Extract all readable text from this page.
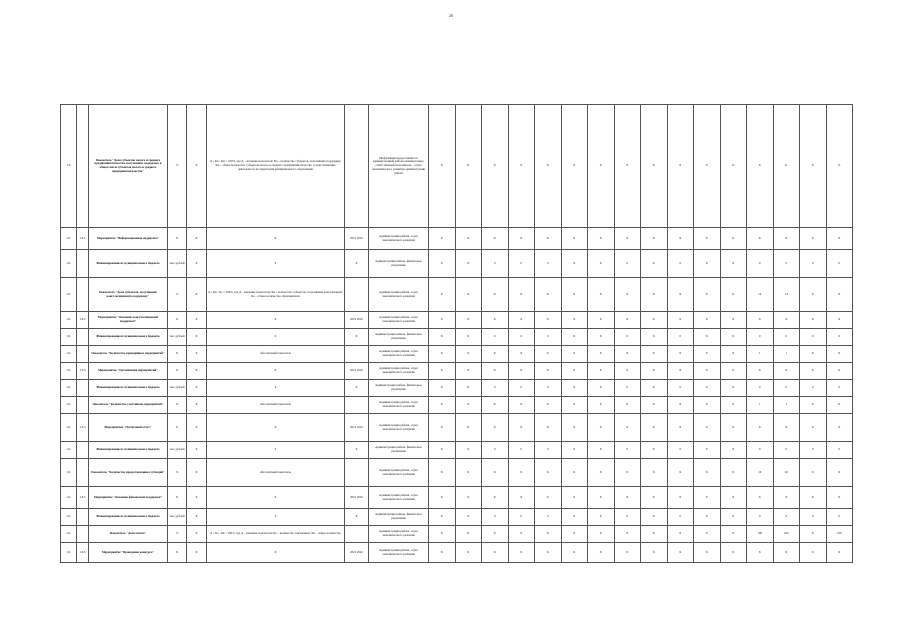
26
1.9		Показатель "Доля субъектов малого и среднего предпринимательства, получивших поддержку, в общем числе субъектов малого и среднего предпринимательства"	%	Х	Д = Кп / Км × 100%, где Д – значение показателя; Кп – количество субъектов, получивших поддержку; Км – общее количество субъектов малого и среднего предпринимательства, осуществляющих деятельность на территории муниципального образования		Информация предоставляется администрацией района ежеквартально, ответственный исполнитель – отдел экономического развития администрации района	Х	Х	Х	Х	Х	Х	Х	Х	Х	Х	Х	11	Х	11	Х	11
1.9.	1.9.1	Мероприятие "Информационная поддержка"	Х	Х	Х	2021 2022	Администрация района, отдел экономического развития	Х	Х	Х	Х	Х	Х	Х	Х	Х	Х	Х	Х	Х	Х	Х	Х
1.9.		Финансирование из муниципального бюджета	тыс. рублей	Х	0	Х	Администрация района, финансовое управление	Х	Х	0	0	0	Х	Х	0	Х	0	Х	Х	0	0	0	0
1.9.		Показатель "Доля субъектов, получивших консультационную поддержку"	%	Х	Д = Кк / Ко × 100%, где Д – значение показателя; Кк – количество субъектов, получивших консультацию; Ко – общее количество обратившихся		Администрация района, отдел экономического развития	Х	Х	Х	Х	Х	Х	Х	Х	Х	Х	Х	Х	14	14	Х	Х
1.9.	1.9.2	Мероприятие "Оказание консультационной поддержки"	Х	Х	Х	2021 2022	Администрация района, отдел экономического развития	Х	Х	Х	Х	Х	Х	Х	Х	Х	Х	Х	Х	Х	Х	Х	Х
1.9.		Финансирование из муниципального бюджета	тыс. рублей	Х	0	Х	Администрация района, финансовое управление	Х	Х	0	0	0	Х	Х	0	Х	0	Х	Х	0	0	0	0
1.9.		Показатель "Количество проведённых мероприятий"	Х	Х	Абсолютный показатель		Администрация района, отдел экономического развития	Х	Х	Х	Х	Х	Х	Х	Х	Х	Х	Х	Х	1	1	Х	Х
1.9.	1.9.3	Мероприятие "Организация мероприятий"	Х	Х	Х	2021 2022	Администрация района, отдел экономического развития	Х	Х	Х	Х	Х	Х	Х	Х	Х	Х	Х	Х	Х	Х	Х	Х
1.9.		Финансирование из муниципального бюджета	тыс. рублей	Х	0	Х	Администрация района, финансовое управление	Х	Х	0	0	0	Х	Х	0	Х	0	Х	Х	0	0	0	0
1.9.		Показатель "Количество участников мероприятий"	Х	Х	Абсолютный показатель		Администрация района, отдел экономического развития	Х	Х	Х	Х	Х	Х	Х	Х	Х	Х	Х	Х	1	1	Х	Х
1.9.	1.9.4	Мероприятие "Публичный отчет"	Х	Х	Х	2021 2022	Администрация района, отдел экономического развития	Х	Х	Х	Х	Х	Х	Х	Х	Х	Х	Х	Х	Х	Х	Х	Х
1.9.		Финансирование из муниципального бюджета	тыс. рублей	Х	0	Х	Администрация района, финансовое управление	Х	Х	0	0	0	Х	Х	0	Х	0	Х	Х	0	0	0	0
1.9.		Показатель "Количество предоставленных субсидий"	%	Х	Абсолютный показатель		Администрация района, отдел экономического развития	Х	Х	Х	Х	Х	Х	Х	Х	Х	Х	Х	Х	10	10	Х	Х
1.9.	1.9.5	Мероприятие "Оказание финансовой поддержки"	Х	Х	Х	2021 2022	Администрация района, отдел экономического развития	Х	Х	Х	Х	Х	Х	Х	Х	Х	Х	Х	Х	Х	Х	Х	Х
1.9.		Финансирование из муниципального бюджета	тыс. рублей	Х	0	Х	Администрация района, финансовое управление	Х	Х	0	0	0	Х	Х	0	Х	0	Х	Х	0	0	0	0
1.9.		Показатель "Доля охвата"	%	Х	Д = Ко / Кв × 100%, где Д – значение показателя; Ко – количество охваченных; Кв – общее количество		Администрация района, отдел экономического развития	Х	Х	Х	Х	Х	Х	Х	Х	Х	Х	Х	Х	100	100	Х	100
1.9.	1.9.6	Мероприятие "Проведение конкурса"	Х	Х	Х	2021 2022	Администрация района, отдел экономического развития	Х	Х	Х	Х	Х	Х	Х	Х	Х	Х	Х	Х	Х	Х	Х	Х
